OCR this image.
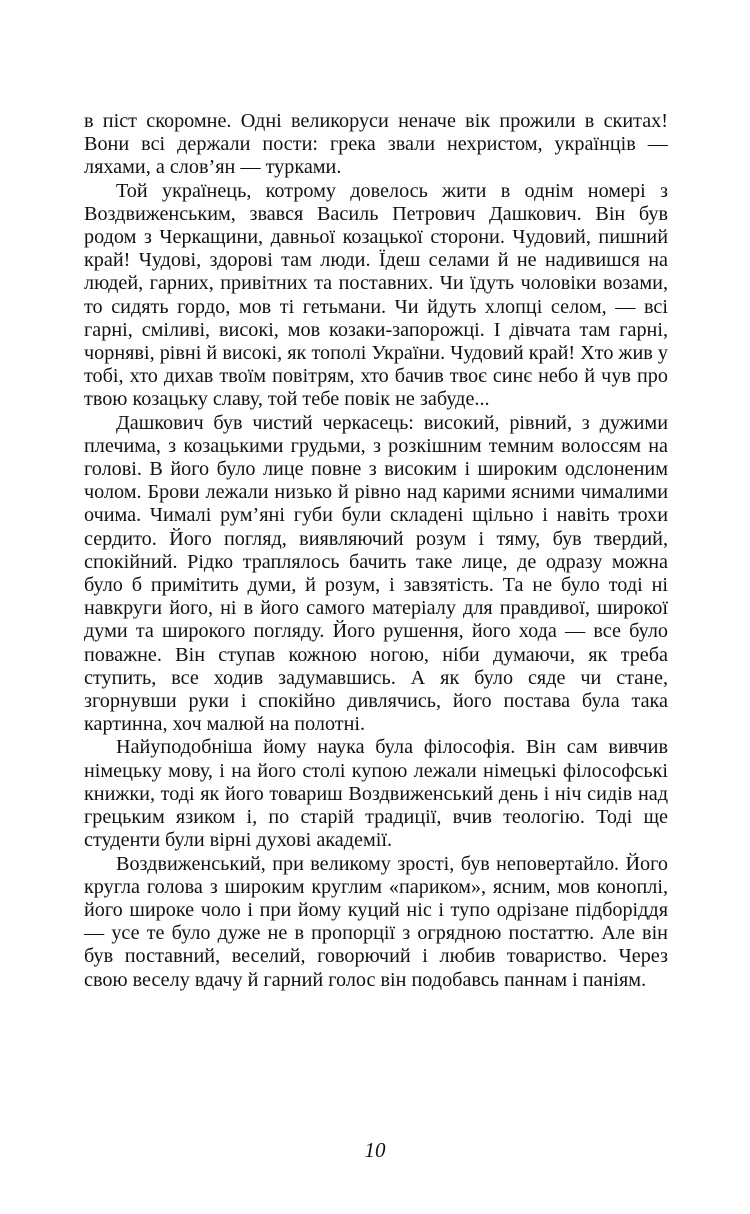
в піст скоромне. Одні великоруси неначе вік прожили в скитах! Вони всі держали пости: грека звали нехристом, українців — ляхами, а слов’ян — турками.

Той українець, котрому довелось жити в однім номері з Воздвиженським, звався Василь Петрович Дашкович. Він був родом з Черкащини, давньої козацької сторони. Чудовий, пишний край! Чудові, здорові там люди. Їдеш селами й не надивишся на людей, гарних, привітних та поставних. Чи їдуть чоловіки возами, то сидять гордо, мов ті гетьмани. Чи йдуть хлопці селом, — всі гарні, сміливі, високі, мов козаки-запорожці. І дівчата там гарні, чорняві, рівні й високі, як тополі України. Чудовий край! Хто жив у тобі, хто дихав твоїм повітрям, хто бачив твоє синє небо й чув про твою козацьку славу, той тебе повік не забуде...

Дашкович був чистий черкасець: високий, рівний, з дужими плечима, з козацькими грудьми, з розкішним темним волоссям на голові. В його було лице повне з високим і широким одслоненим чолом. Брови лежали низько й рівно над карими ясними чималими очима. Чималі рум’яні губи були складені щільно і навіть трохи сердито. Його погляд, виявляючий розум і тяму, був твердий, спокійний. Рідко траплялось бачить таке лице, де одразу можна було б примітить думи, й розум, і завзятість. Та не було тоді ні навкруги його, ні в його самого матеріалу для правдивої, широкої думи та широкого погляду. Його рушення, його хода — все було поважне. Він ступав кожною ногою, ніби думаючи, як треба ступить, все ходив задумавшись. А як було сяде чи стане, згорнувши руки і спокійно дивлячись, його постава була така картинна, хоч малюй на полотні.

Найуподобніша йому наука була філософія. Він сам вивчив німецьку мову, і на його столі купою лежали німецькі філософські книжки, тоді як його товариш Воздвиженський день і ніч сидів над грецьким язиком і, по старій традиції, вчив теологію. Тоді ще студенти були вірні духові академії.

Воздвиженський, при великому зрості, був неповертайло. Його кругла голова з широким круглим «париком», ясним, мов коноплі, його широке чоло і при йому куций ніс і тупо одрізане підборіддя — усе те було дуже не в пропорції з огрядною постаттю. Але він був поставний, веселий, говорючий і любив товариство. Через свою веселу вдачу й гарний голос він подобавсь паннам і паніям.

10
